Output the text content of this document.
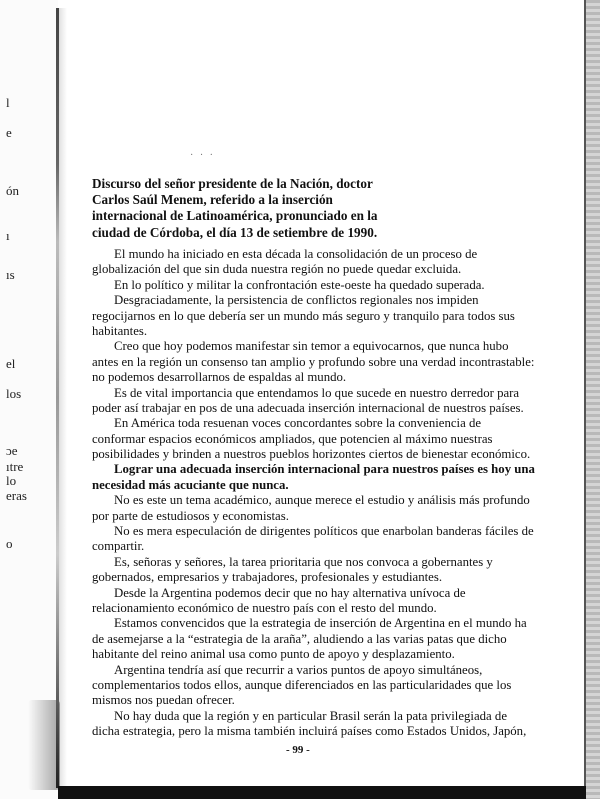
l
e
ón
ı
ıs
el
los
ɔe
ıtre
lo
eras
o
· · ·
Discurso del señor presidente de la Nación, doctor
Carlos Saúl Menem, referido a la inserción
internacional de Latinoamérica, pronunciado en la
ciudad de Córdoba, el día 13 de setiembre de 1990.
El mundo ha iniciado en esta década la consolidación de un proceso de
globalización del que sin duda nuestra región no puede quedar excluida.
En lo político y militar la confrontación este-oeste ha quedado superada.
Desgraciadamente, la persistencia de conflictos regionales nos impiden
regocijarnos en lo que debería ser un mundo más seguro y tranquilo para todos sus
habitantes.
Creo que hoy podemos manifestar sin temor a equivocarnos, que nunca hubo
antes en la región un consenso tan amplio y profundo sobre una verdad incontrastable:
no podemos desarrollarnos de espaldas al mundo.
Es de vital importancia que entendamos lo que sucede en nuestro derredor para
poder así trabajar en pos de una adecuada inserción internacional de nuestros países.
En América toda resuenan voces concordantes sobre la conveniencia de
conformar espacios económicos ampliados, que potencien al máximo nuestras
posibilidades y brinden a nuestros pueblos horizontes ciertos de bienestar económico.
Lograr una adecuada inserción internacional para nuestros países es hoy una
necesidad más acuciante que nunca.
No es este un tema académico, aunque merece el estudio y análisis más profundo
por parte de estudiosos y economistas.
No es mera especulación de dirigentes políticos que enarbolan banderas fáciles de
compartir.
Es, señoras y señores, la tarea prioritaria que nos convoca a gobernantes y
gobernados, empresarios y trabajadores, profesionales y estudiantes.
Desde la Argentina podemos decir que no hay alternativa unívoca de
relacionamiento económico de nuestro país con el resto del mundo.
Estamos convencidos que la estrategia de inserción de Argentina en el mundo ha
de asemejarse a la “estrategia de la araña”, aludiendo a las varias patas que dicho
habitante del reino animal usa como punto de apoyo y desplazamiento.
Argentina tendría así que recurrir a varios puntos de apoyo simultáneos,
complementarios todos ellos, aunque diferenciados en las particularidades que los
mismos nos puedan ofrecer.
No hay duda que la región y en particular Brasil serán la pata privilegiada de
dicha estrategia, pero la misma también incluirá países como Estados Unidos, Japón,
- 99 -
